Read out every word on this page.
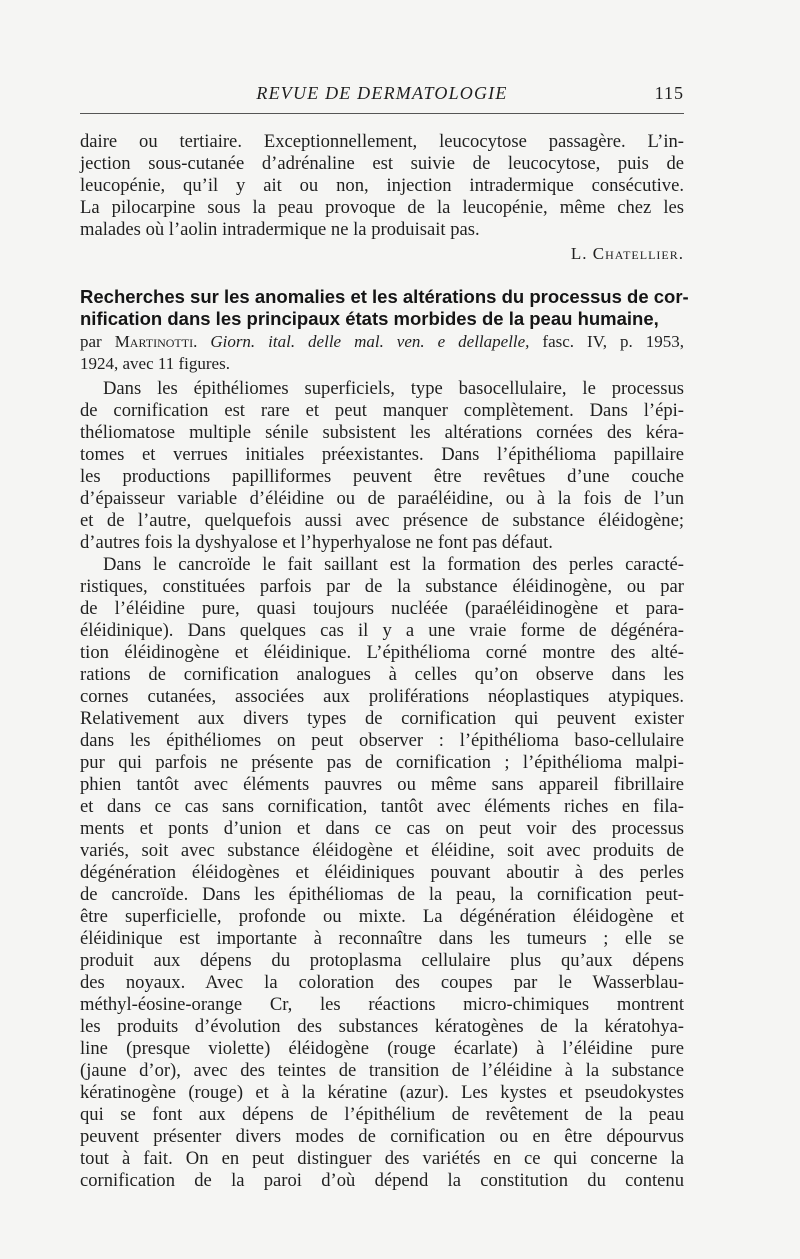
REVUE DE DERMATOLOGIE	115
daire ou tertiaire. Exceptionnellement, leucocytose passagère. L’in-
jection sous-cutanée d’adrénaline est suivie de leucocytose, puis de
leucopénie, qu’il y ait ou non, injection intradermique consécutive.
La pilocarpine sous la peau provoque de la leucopénie, même chez les
malades où l’aolin intradermique ne la produisait pas.
L. Chatellier.
Recherches sur les anomalies et les altérations du processus de cor-
nification dans les principaux états morbides de la peau humaine,
par Martinotti. Giorn. ital. delle mal. ven. e dellapelle, fasc. IV, p. 1953,
1924, avec 11 figures.
Dans les épithéliomes superficiels, type basocellulaire, le processus
de cornification est rare et peut manquer complètement. Dans l’épi-
théliomatose multiple sénile subsistent les altérations cornées des kéra-
tomes et verrues initiales préexistantes. Dans l’épithélioma papillaire
les productions papilliformes peuvent être revêtues d’une couche
d’épaisseur variable d’éléidine ou de paraéléidine, ou à la fois de l’un
et de l’autre, quelquefois aussi avec présence de substance éléidogène;
d’autres fois la dyshyalose et l’hyperhyalose ne font pas défaut.
Dans le cancroïde le fait saillant est la formation des perles caracté-
ristiques, constituées parfois par de la substance éléidinogène, ou par
de l’éléidine pure, quasi toujours nucléée (paraéléidinogène et para-
éléidinique). Dans quelques cas il y a une vraie forme de dégénéra-
tion éléidinogène et éléidinique. L’épithélioma corné montre des alté-
rations de cornification analogues à celles qu’on observe dans les
cornes cutanées, associées aux proliférations néoplastiques atypiques.
Relativement aux divers types de cornification qui peuvent exister
dans les épithéliomes on peut observer : l’épithélioma baso-cellulaire
pur qui parfois ne présente pas de cornification ; l’épithélioma malpi-
phien tantôt avec éléments pauvres ou même sans appareil fibrillaire
et dans ce cas sans cornification, tantôt avec éléments riches en fila-
ments et ponts d’union et dans ce cas on peut voir des processus
variés, soit avec substance éléidogène et éléidine, soit avec produits de
dégénération éléidogènes et éléidiniques pouvant aboutir à des perles
de cancroïde. Dans les épithéliomas de la peau, la cornification peut-
être superficielle, profonde ou mixte. La dégénération éléidogène et
éléidinique est importante à reconnaître dans les tumeurs ; elle se
produit aux dépens du protoplasma cellulaire plus qu’aux dépens
des noyaux. Avec la coloration des coupes par le Wasserblau-
méthyl-éosine-orange Cr, les réactions micro-chimiques montrent
les produits d’évolution des substances kératogènes de la kératohya-
line (presque violette) éléidogène (rouge écarlate) à l’éléidine pure
(jaune d’or), avec des teintes de transition de l’éléidine à la substance
kératinogène (rouge) et à la kératine (azur). Les kystes et pseudokystes
qui se font aux dépens de l’épithélium de revêtement de la peau
peuvent présenter divers modes de cornification ou en être dépourvus
tout à fait. On en peut distinguer des variétés en ce qui concerne la
cornification de la paroi d’où dépend la constitution du contenu
